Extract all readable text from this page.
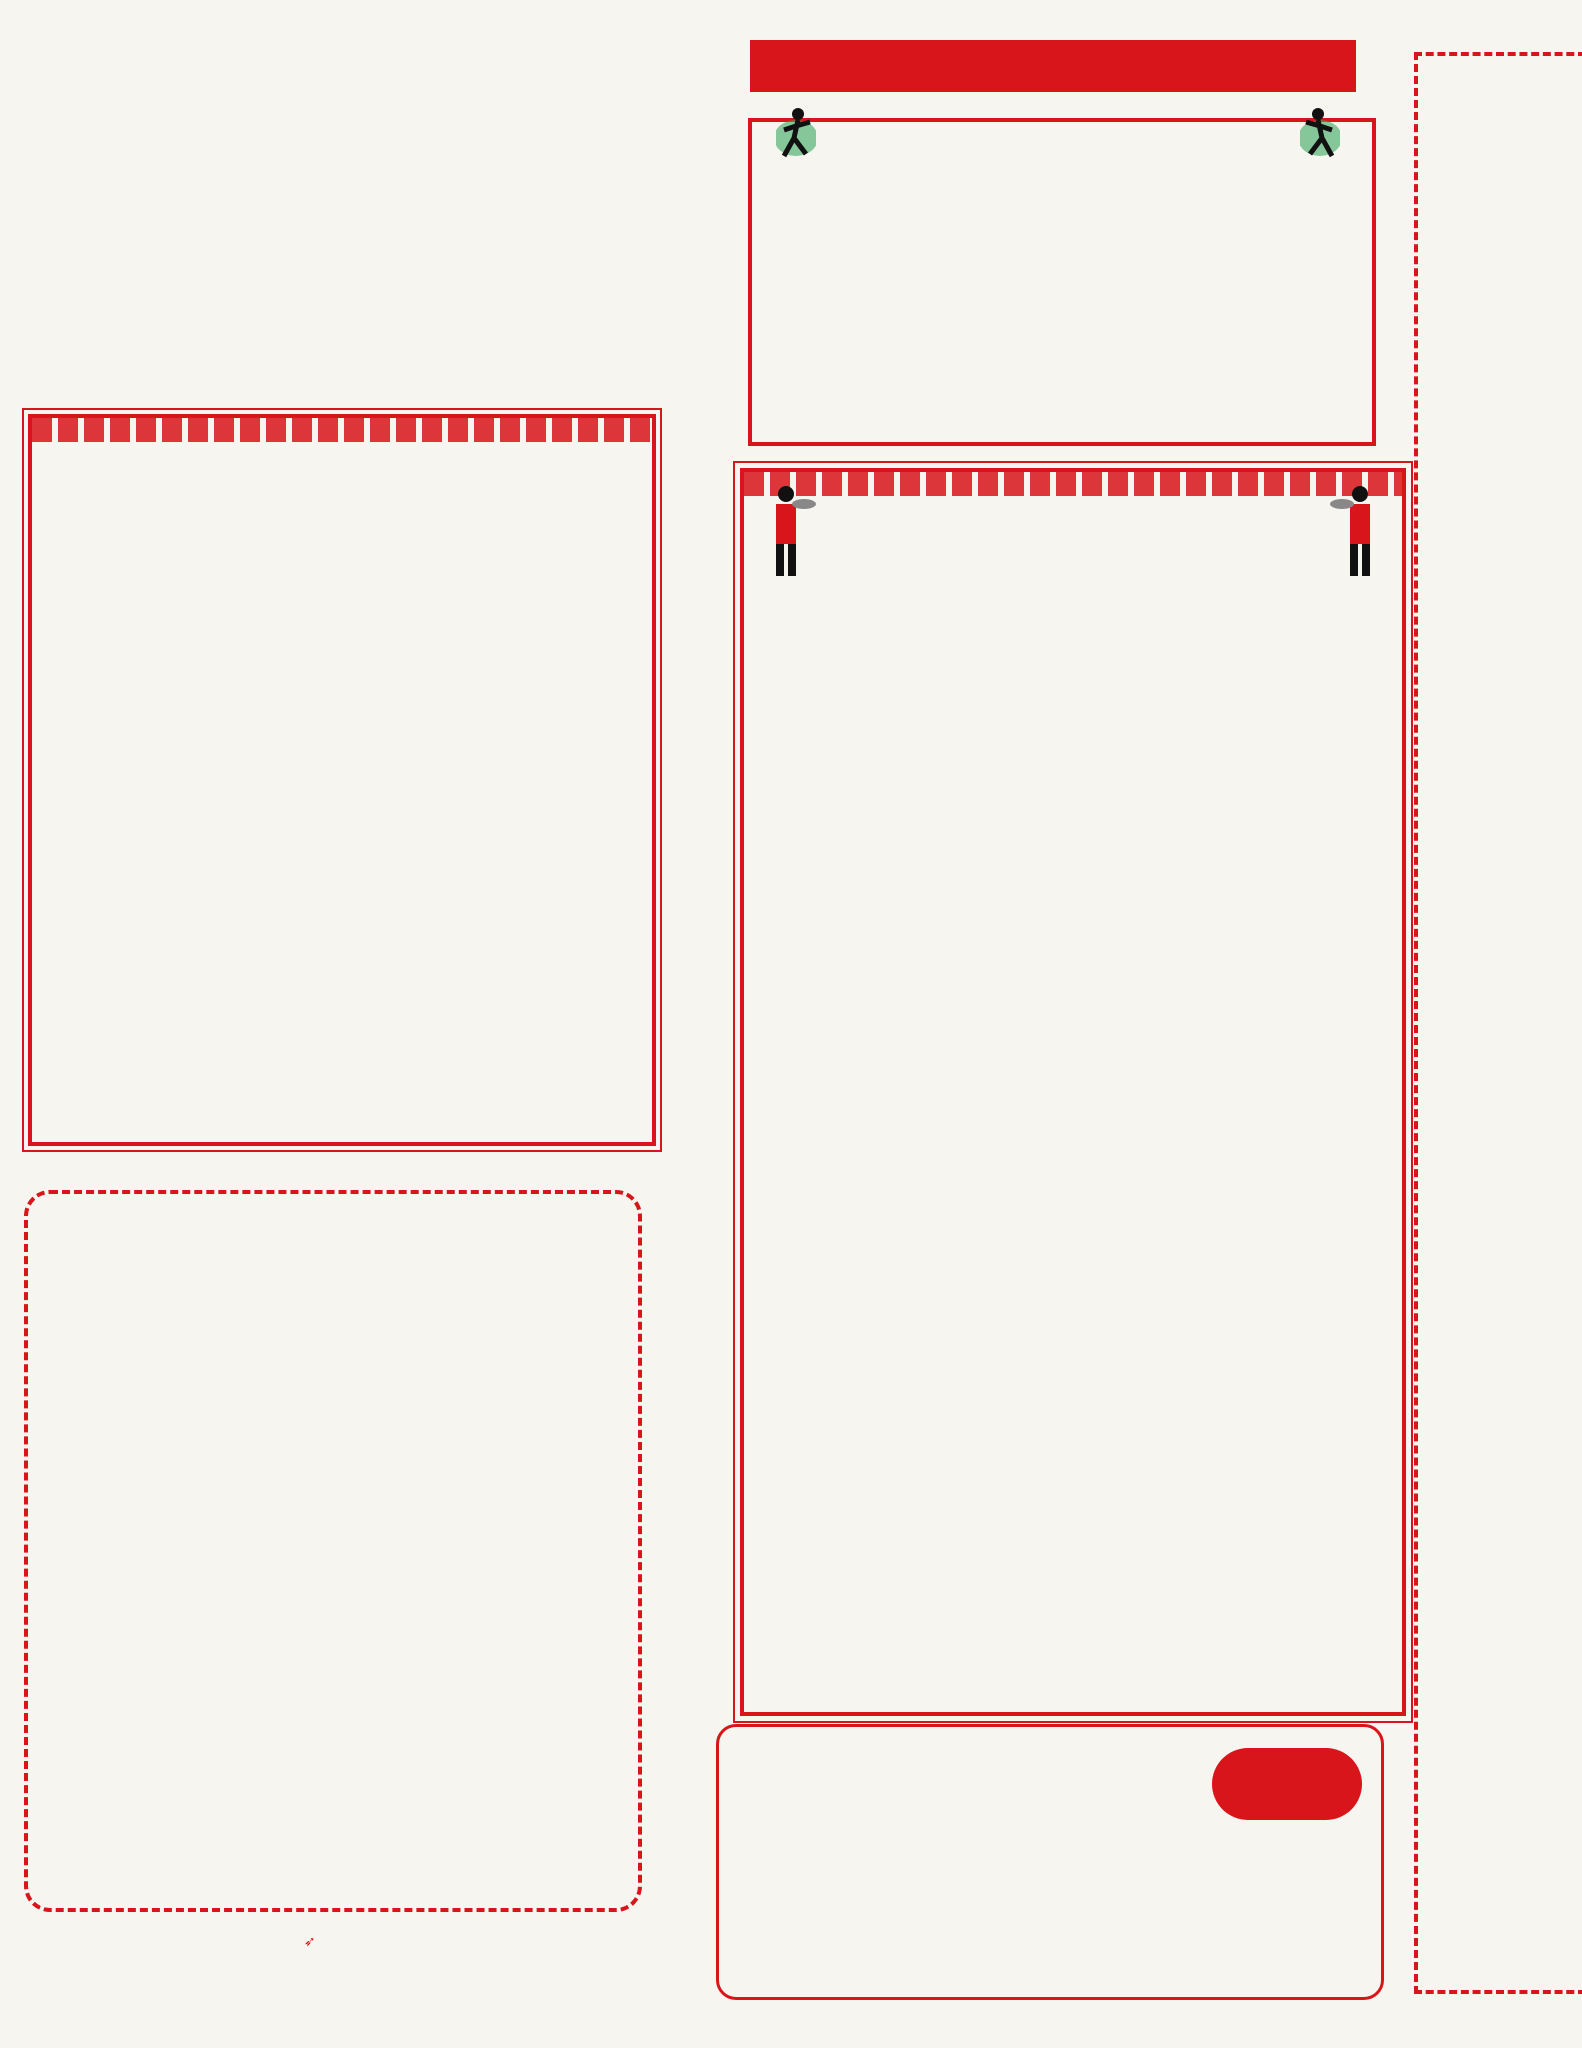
➶
